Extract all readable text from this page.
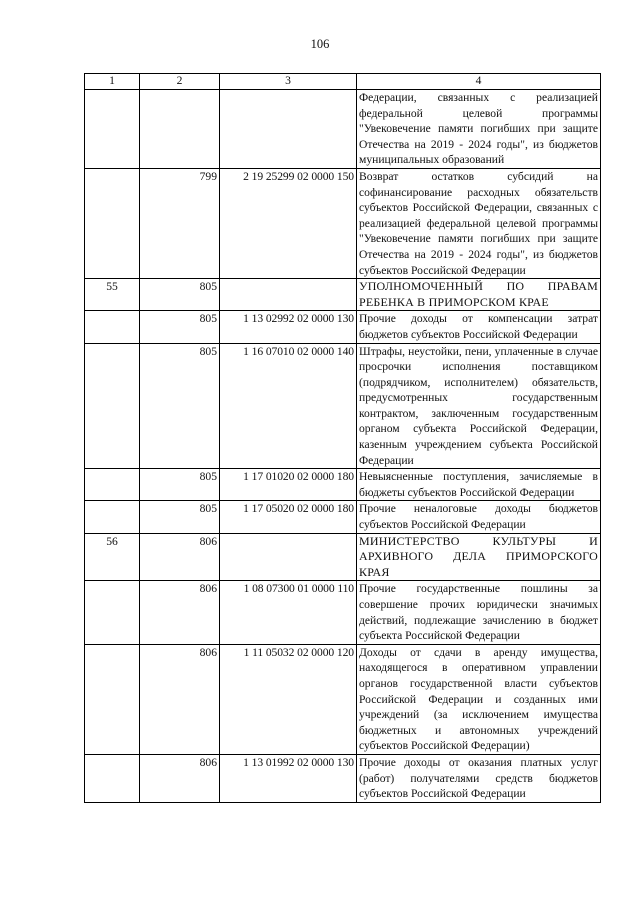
106
1	2	3	4
			Федерации, связанных с реализацией федеральной целевой программы "Увековечение памяти погибших при защите Отечества на 2019 - 2024 годы", из бюджетов муниципальных образований
	799	2 19 25299 02 0000 150	Возврат остатков субсидий на софинансирование расходных обязательств субъектов Российской Федерации, связанных с реализацией федеральной целевой программы "Увековечение памяти погибших при защите Отечества на 2019 - 2024 годы", из бюджетов субъектов Российской Федерации
55	805		УПОЛНОМОЧЕННЫЙ ПО ПРАВАМ РЕБЕНКА В ПРИМОРСКОМ КРАЕ
	805	1 13 02992 02 0000 130	Прочие доходы от компенсации затрат бюджетов субъектов Российской Федерации
	805	1 16 07010 02 0000 140	Штрафы, неустойки, пени, уплаченные в случае просрочки исполнения поставщиком (подрядчиком, исполнителем) обязательств, предусмотренных государственным контрактом, заключенным государственным органом субъекта Российской Федерации, казенным учреждением субъекта Российской Федерации
	805	1 17 01020 02 0000 180	Невыясненные поступления, зачисляемые в бюджеты субъектов Российской Федерации
	805	1 17 05020 02 0000 180	Прочие неналоговые доходы бюджетов субъектов Российской Федерации
56	806		МИНИСТЕРСТВО КУЛЬТУРЫ И АРХИВНОГО ДЕЛА ПРИМОРСКОГО КРАЯ
	806	1 08 07300 01 0000 110	Прочие государственные пошлины за совершение прочих юридически значимых действий, подлежащие зачислению в бюджет субъекта Российской Федерации
	806	1 11 05032 02 0000 120	Доходы от сдачи в аренду имущества, находящегося в оперативном управлении органов государственной власти субъектов Российской Федерации и созданных ими учреждений (за исключением имущества бюджетных и автономных учреждений субъектов Российской Федерации)
	806	1 13 01992 02 0000 130	Прочие доходы от оказания платных услуг (работ) получателями средств бюджетов субъектов Российской Федерации
